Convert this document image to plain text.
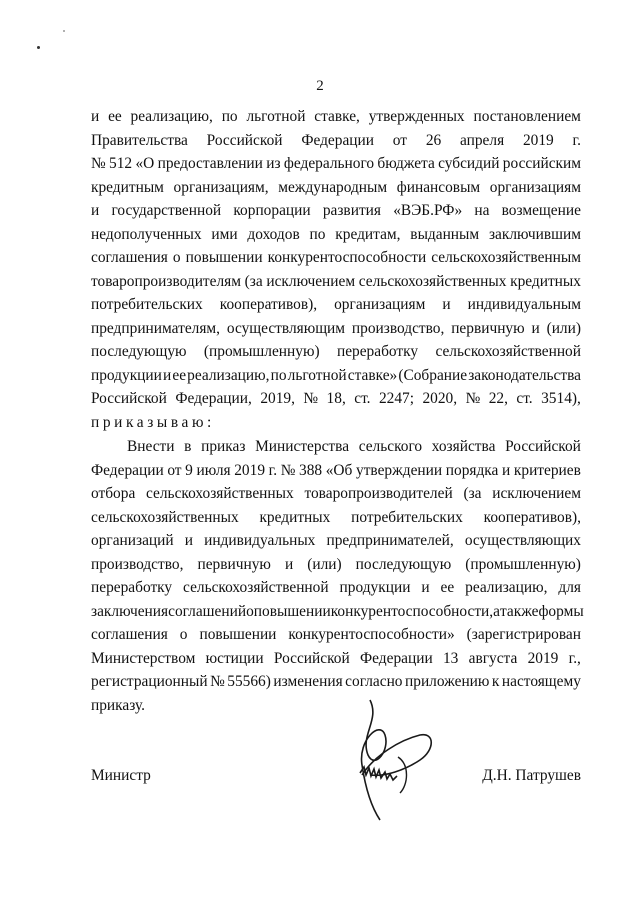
2
и ее реализацию, по льготной ставке, утвержденных постановлением
Правительства Российской Федерации от 26 апреля 2019 г.
№ 512 «О предоставлении из федерального бюджета субсидий российским
кредитным организациям, международным финансовым организациям
и государственной корпорации развития «ВЭБ.РФ» на возмещение
недополученных ими доходов по кредитам, выданным заключившим
соглашения о повышении конкурентоспособности сельскохозяйственным
товаропроизводителям (за исключением сельскохозяйственных кредитных
потребительских кооперативов), организациям и индивидуальным
предпринимателям, осуществляющим производство, первичную и (или)
последующую (промышленную) переработку сельскохозяйственной
продукции и ее реализацию, по льготной ставке» (Собрание законодательства
Российской Федерации, 2019, № 18, ст. 2247; 2020, № 22, ст. 3514),
приказываю:
Внести в приказ Министерства сельского хозяйства Российской
Федерации от 9 июля 2019 г. № 388 «Об утверждении порядка и критериев
отбора сельскохозяйственных товаропроизводителей (за исключением
сельскохозяйственных кредитных потребительских кооперативов),
организаций и индивидуальных предпринимателей, осуществляющих
производство, первичную и (или) последующую (промышленную)
переработку сельскохозяйственной продукции и ее реализацию, для
заключения соглашений о повышении конкурентоспособности, а также формы
соглашения о повышении конкурентоспособности» (зарегистрирован
Министерством юстиции Российской Федерации 13 августа 2019 г.,
регистрационный № 55566) изменения согласно приложению к настоящему
приказу.
Министр	Д.Н. Патрушев
